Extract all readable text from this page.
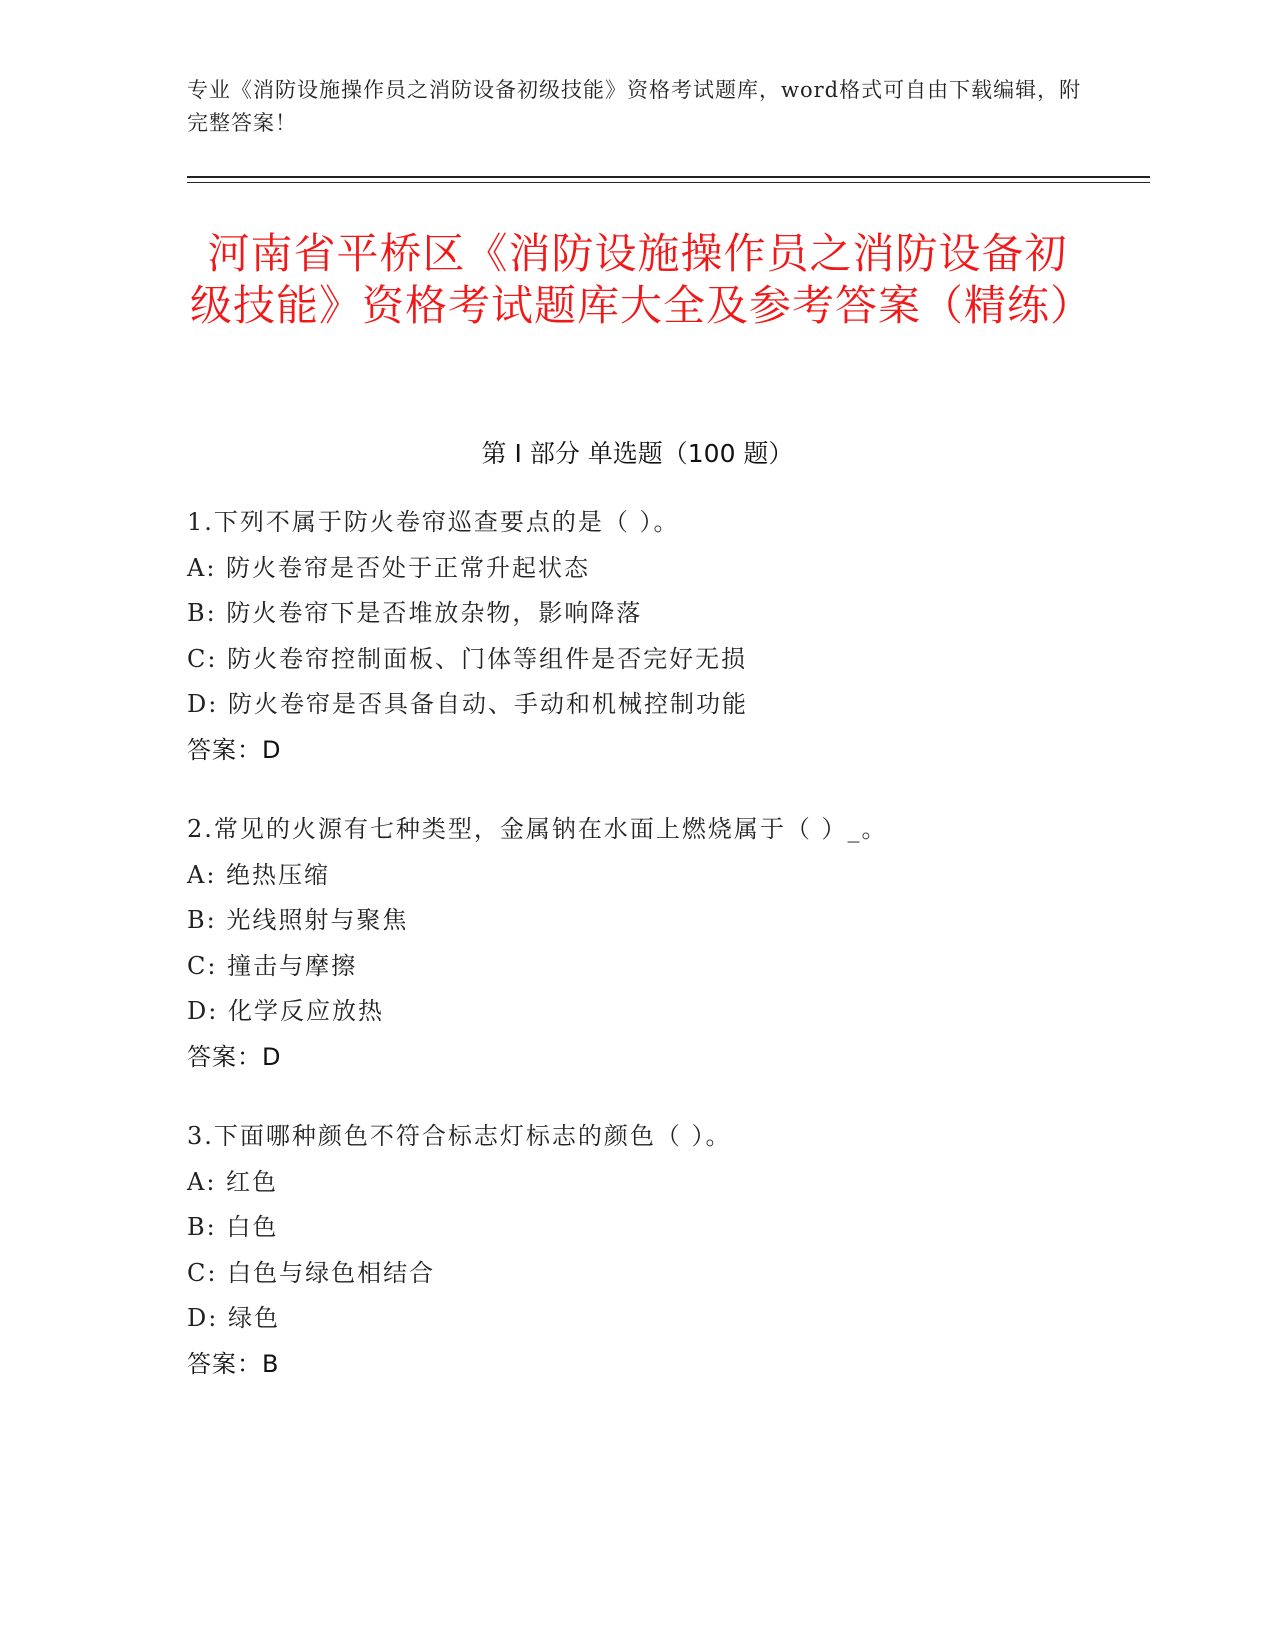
专业《消防设施操作员之消防设备初级技能》资格考试题库，word格式可自由下载编辑，附完整答案！
河南省平桥区《消防设施操作员之消防设备初级技能》资格考试题库大全及参考答案（精练）
第 I 部分 单选题（100 题）
1.下列不属于防火卷帘巡查要点的是（ ）。
A: 防火卷帘是否处于正常升起状态
B: 防火卷帘下是否堆放杂物，影响降落
C: 防火卷帘控制面板、门体等组件是否完好无损
D: 防火卷帘是否具备自动、手动和机械控制功能
答案：D
2.常见的火源有七种类型，金属钠在水面上燃烧属于（ ）_。
A: 绝热压缩
B: 光线照射与聚焦
C: 撞击与摩擦
D: 化学反应放热
答案：D
3.下面哪种颜色不符合标志灯标志的颜色（ ）。
A: 红色
B: 白色
C: 白色与绿色相结合
D: 绿色
答案：B
